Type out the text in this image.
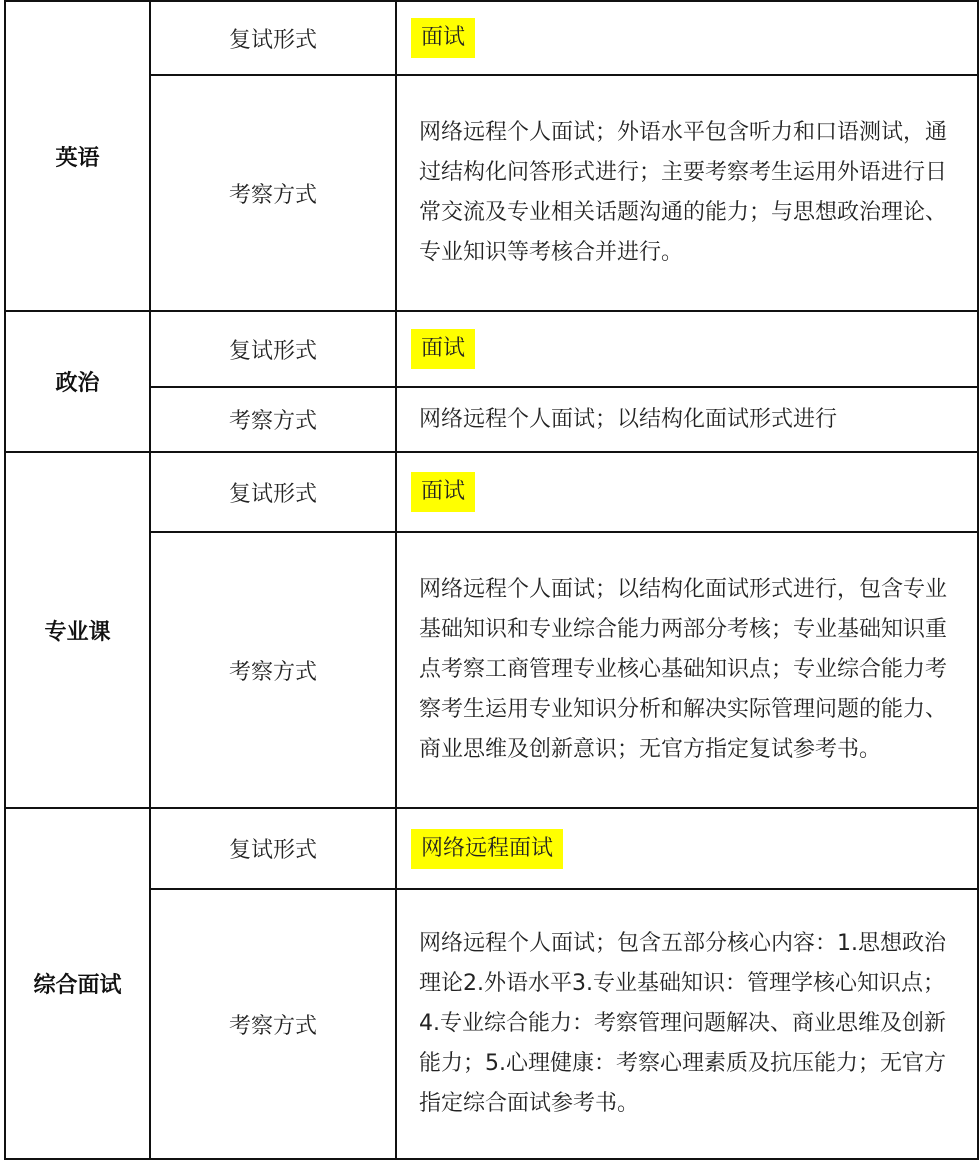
英语	复试形式	面试
	考察方式	网络远程个人面试；外语水平包含听力和口语测试，通过结构化问答形式进行；主要考察考生运用外语进行日常交流及专业相关话题沟通的能力；与思想政治理论、专业知识等考核合并进行。
政治	复试形式	面试
	考察方式	网络远程个人面试；以结构化面试形式进行
专业课	复试形式	面试
	考察方式	网络远程个人面试；以结构化面试形式进行，包含专业基础知识和专业综合能力两部分考核；专业基础知识重点考察工商管理专业核心基础知识点；专业综合能力考察考生运用专业知识分析和解决实际管理问题的能力、商业思维及创新意识；无官方指定复试参考书。
综合面试	复试形式	网络远程面试
	考察方式	网络远程个人面试；包含五部分核心内容：1.思想政治理论2.外语水平3.专业基础知识：管理学核心知识点；4.专业综合能力：考察管理问题解决、商业思维及创新能力；5.心理健康：考察心理素质及抗压能力；无官方指定综合面试参考书。
